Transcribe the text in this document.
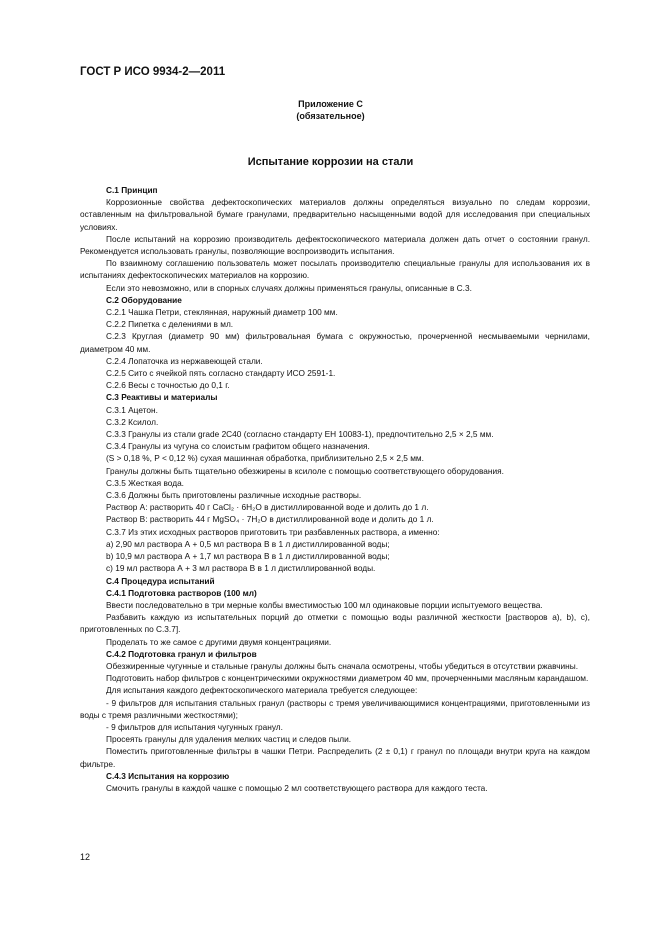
ГОСТ Р ИСО 9934-2—2011
Приложение С
(обязательное)
Испытание коррозии на стали

С.1 Принцип

Коррозионные свойства дефектоскопических материалов должны определяться визуально по следам коррозии, оставленным на фильтровальной бумаге гранулами, предварительно насыщенными водой для исследования при специальных условиях.

После испытаний на коррозию производитель дефектоскопического материала должен дать отчет о состоянии гранул. Рекомендуется использовать гранулы, позволяющие воспроизводить испытания.

По взаимному соглашению пользователь может посылать производителю специальные гранулы для использования их в испытаниях дефектоскопических материалов на коррозию.

Если это невозможно, или в спорных случаях должны применяться гранулы, описанные в С.3.

С.2 Оборудование

С.2.1 Чашка Петри, стеклянная, наружный диаметр 100 мм.

С.2.2 Пипетка с делениями в мл.

С.2.3 Круглая (диаметр 90 мм) фильтровальная бумага с окружностью, прочерченной несмываемыми чернилами, диаметром 40 мм.

С.2.4 Лопаточка из нержавеющей стали.

С.2.5 Сито с ячейкой пять согласно стандарту ИСО 2591-1.

С.2.6 Весы с точностью до 0,1 г.

С.3 Реактивы и материалы

С.3.1 Ацетон.

С.3.2 Ксилол.

С.3.3 Гранулы из стали grade 2С40 (согласно стандарту ЕН 10083-1), предпочтительно 2,5 × 2,5 мм.

С.3.4 Гранулы из чугуна со слоистым графитом общего назначения.

(S > 0,18 %, Р < 0,12 %) сухая машинная обработка, приблизительно 2,5 × 2,5 мм.

Гранулы должны быть тщательно обезжирены в ксилоле с помощью соответствующего оборудования.

С.3.5 Жесткая вода.

С.3.6 Должны быть приготовлены различные исходные растворы.

Раствор А: растворить 40 г CaCl₂ · 6H₂O в дистиллированной воде и долить до 1 л.

Раствор В: растворить 44 г MgSO₄ · 7H₂O в дистиллированной воде и долить до 1 л.

С.3.7 Из этих исходных растворов приготовить три разбавленных раствора, а именно:

а) 2,90 мл раствора А + 0,5 мл раствора В в 1 л дистиллированной воды;

b) 10,9 мл раствора А + 1,7 мл раствора В в 1 л дистиллированной воды;

с) 19 мл раствора А + 3 мл раствора В в 1 л дистиллированной воды.

С.4 Процедура испытаний

С.4.1 Подготовка растворов (100 мл)

Ввести последовательно в три мерные колбы вместимостью 100 мл одинаковые порции испытуемого вещества.

Разбавить каждую из испытательных порций до отметки с помощью воды различной жесткости [растворов а), b), с), приготовленных по С.3.7].

Проделать то же самое с другими двумя концентрациями.

С.4.2 Подготовка гранул и фильтров

Обезжиренные чугунные и стальные гранулы должны быть сначала осмотрены, чтобы убедиться в отсутствии ржавчины.

Подготовить набор фильтров с концентрическими окружностями диаметром 40 мм, прочерченными масляным карандашом.

Для испытания каждого дефектоскопического материала требуется следующее:

- 9 фильтров для испытания стальных гранул (растворы с тремя увеличивающимися концентрациями, приготовленными из воды с тремя различными жесткостями);

- 9 фильтров для испытания чугунных гранул.

Просеять гранулы для удаления мелких частиц и следов пыли.

Поместить приготовленные фильтры в чашки Петри. Распределить (2 ± 0,1) г гранул по площади внутри круга на каждом фильтре.

С.4.3 Испытания на коррозию

Смочить гранулы в каждой чашке с помощью 2 мл соответствующего раствора для каждого теста.

12
